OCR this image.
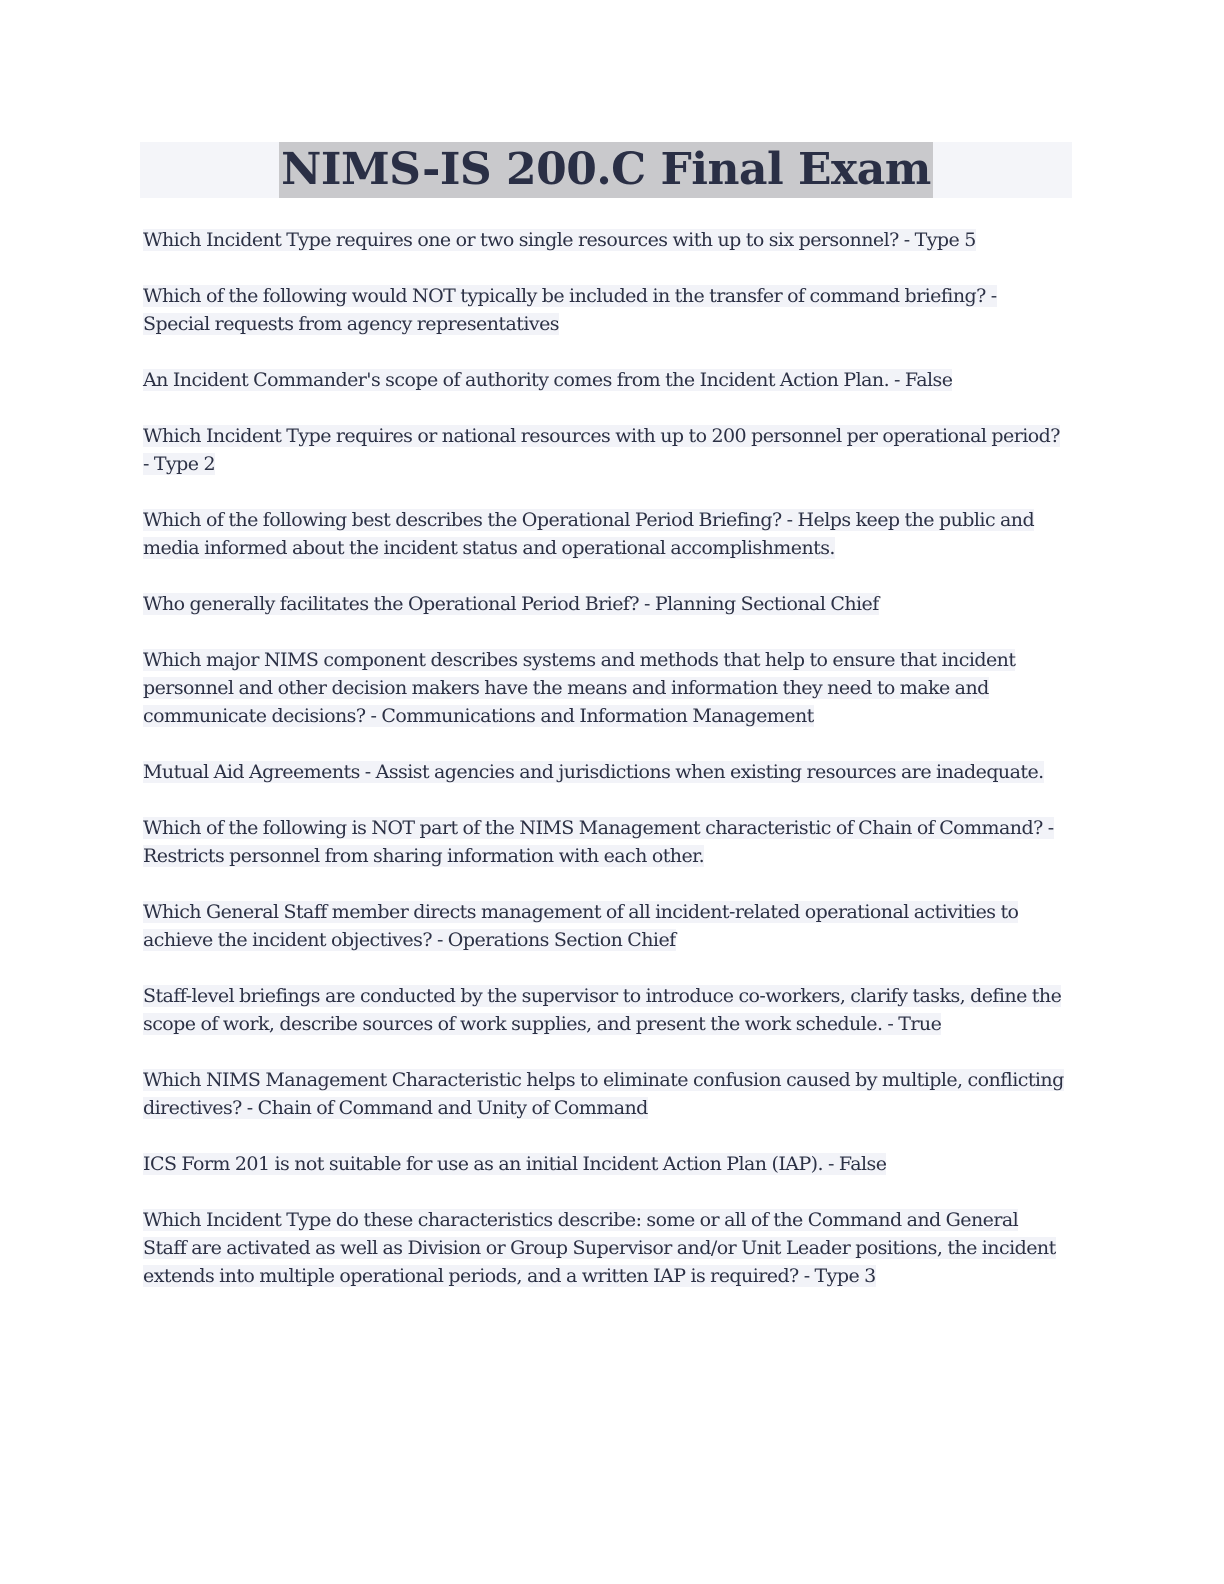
NIMS-IS 200.C Final Exam

Which Incident Type requires one or two single resources with up to six personnel? - Type 5

Which of the following would NOT typically be included in the transfer of command briefing? - Special requests from agency representatives

An Incident Commander's scope of authority comes from the Incident Action Plan. - False

Which Incident Type requires or national resources with up to 200 personnel per operational period? - Type 2

Which of the following best describes the Operational Period Briefing? - Helps keep the public and media informed about the incident status and operational accomplishments.

Who generally facilitates the Operational Period Brief? - Planning Sectional Chief

Which major NIMS component describes systems and methods that help to ensure that incident personnel and other decision makers have the means and information they need to make and communicate decisions? - Communications and Information Management

Mutual Aid Agreements - Assist agencies and jurisdictions when existing resources are inadequate.

Which of the following is NOT part of the NIMS Management characteristic of Chain of Command? - Restricts personnel from sharing information with each other.

Which General Staff member directs management of all incident-related operational activities to achieve the incident objectives? - Operations Section Chief

Staff-level briefings are conducted by the supervisor to introduce co-workers, clarify tasks, define the scope of work, describe sources of work supplies, and present the work schedule. - True

Which NIMS Management Characteristic helps to eliminate confusion caused by multiple, conflicting directives? - Chain of Command and Unity of Command

ICS Form 201 is not suitable for use as an initial Incident Action Plan (IAP). - False

Which Incident Type do these characteristics describe: some or all of the Command and General Staff are activated as well as Division or Group Supervisor and/or Unit Leader positions, the incident extends into multiple operational periods, and a written IAP is required? - Type 3
